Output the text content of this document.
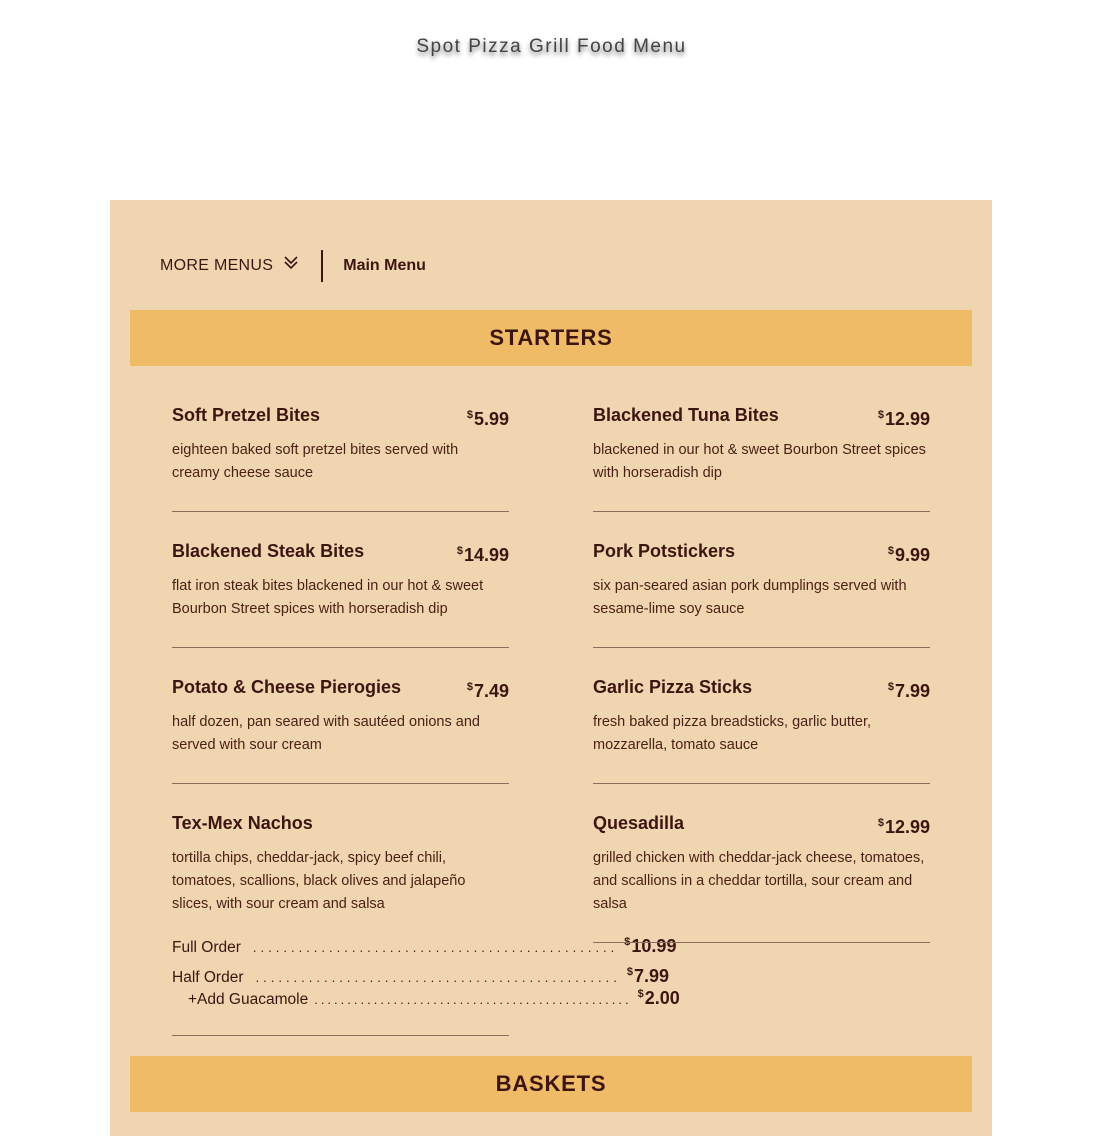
Spot Pizza Grill Food Menu
MORE MENUS	Main Menu
STARTERS
Soft Pretzel Bites	$5.99
eighteen baked soft pretzel bites served with creamy cheese sauce
Blackened Tuna Bites	$12.99
blackened in our hot & sweet Bourbon Street spices with horseradish dip
Blackened Steak Bites	$14.99
flat iron steak bites blackened in our hot & sweet Bourbon Street spices with horseradish dip
Pork Potstickers	$9.99
six pan-seared asian pork dumplings served with sesame-lime soy sauce
Potato & Cheese Pierogies	$7.49
half dozen, pan seared with sautéed onions and served with sour cream
Garlic Pizza Sticks	$7.99
fresh baked pizza breadsticks, garlic butter, mozzarella, tomato sauce
Tex-Mex Nachos
tortilla chips, cheddar-jack, spicy beef chili, tomatoes, scallions, black olives and jalapeño slices, with sour cream and salsa
Full Order ................................................ $10.99
Half Order ................................................ $7.99
+Add Guacamole ................................................ $2.00
Quesadilla	$12.99
grilled chicken with cheddar-jack cheese, tomatoes, and scallions in a cheddar tortilla, sour cream and salsa
BASKETS
